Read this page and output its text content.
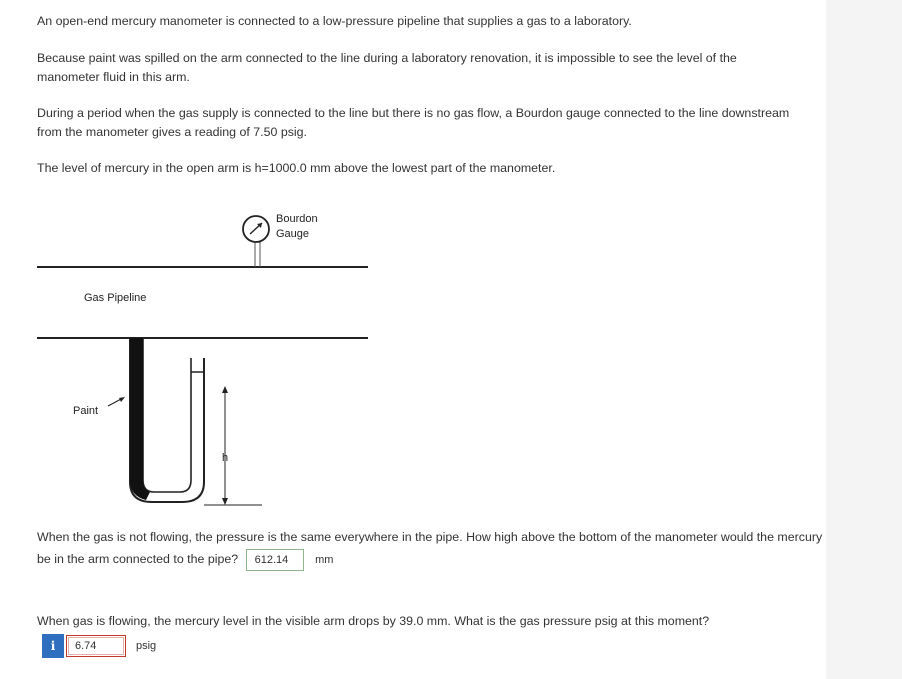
An open-end mercury manometer is connected to a low-pressure pipeline that supplies a gas to a laboratory.

Because paint was spilled on the arm connected to the line during a laboratory renovation, it is impossible to see the level of the manometer fluid in this arm.

During a period when the gas supply is connected to the line but there is no gas flow, a Bourdon gauge connected to the line downstream from the manometer gives a reading of 7.50 psig.

The level of mercury in the open arm is h=1000.0 mm above the lowest part of the manometer.

Bourdon
Gauge
Gas Pipeline
h
Paint
When the gas is not flowing, the pressure is the same everywhere in the pipe. How high above the bottom of the manometer would the mercury be in the arm connected to the pipe? 612.14 mm
When gas is flowing, the mercury level in the visible arm drops by 39.0 mm. What is the gas pressure psig at this moment?
i	6.74	psig
